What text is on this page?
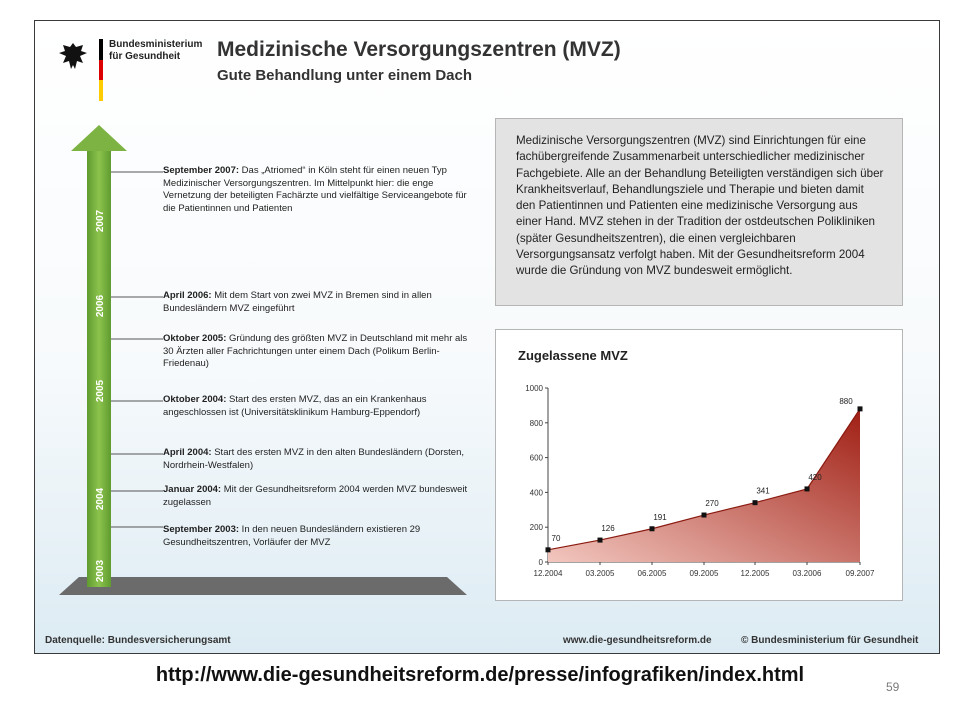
Bundesministerium
für Gesundheit	Medizinische Versorgungszentren (MVZ)
Gute Behandlung unter einem Dach
2007
2006
2005
2004
2003
September 2007: Das „Atriomed“ in Köln steht für einen neuen Typ Medizinischer Versorgungszentren. Im Mittelpunkt hier: die enge Vernetzung der beteiligten Fachärzte und vielfältige Serviceangebote für die Patientinnen und Patienten
April 2006: Mit dem Start von zwei MVZ in Bremen sind in allen Bundesländern MVZ eingeführt
Oktober 2005: Gründung des größten MVZ in Deutschland mit mehr als 30 Ärzten aller Fachrichtungen unter einem Dach (Polikum Berlin-Friedenau)
Oktober 2004: Start des ersten MVZ, das an ein Krankenhaus angeschlossen ist (Universitätsklinikum Hamburg-Eppendorf)
April 2004: Start des ersten MVZ in den alten Bundesländern (Dorsten, Nordrhein-Westfalen)
Januar 2004: Mit der Gesundheitsreform 2004 werden MVZ bundesweit zugelassen
September 2003: In den neuen Bundesländern existieren 29 Gesundheitszentren, Vorläufer der MVZ
Medizinische Versorgungszentren (MVZ) sind Einrichtungen für eine fachübergreifende Zusammenarbeit unterschiedlicher medizinischer Fachgebiete. Alle an der Behandlung Beteiligten verständigen sich über Krankheitsverlauf, Behandlungsziele und Therapie und bieten damit den Patientinnen und Patienten eine medizinische Versorgung aus einer Hand. MVZ stehen in der Tradition der ostdeutschen Polikliniken (später Gesundheitszentren), die einen vergleichbaren Versorgungsansatz verfolgt haben. Mit der Gesundheitsreform 2004 wurde die Gründung von MVZ bundesweit ermöglicht.
Zugelassene MVZ
0
200
400
600
800
1000
70
12.2004
126
03.2005
191
06.2005
270
09.2005
341
12.2005
420
03.2006
880
09.2007
Datenquelle: Bundesversicherungsamt	www.die-gesundheitsreform.de	© Bundesministerium für Gesundheit
http://www.die-gesundheitsreform.de/presse/infografiken/index.html
59
